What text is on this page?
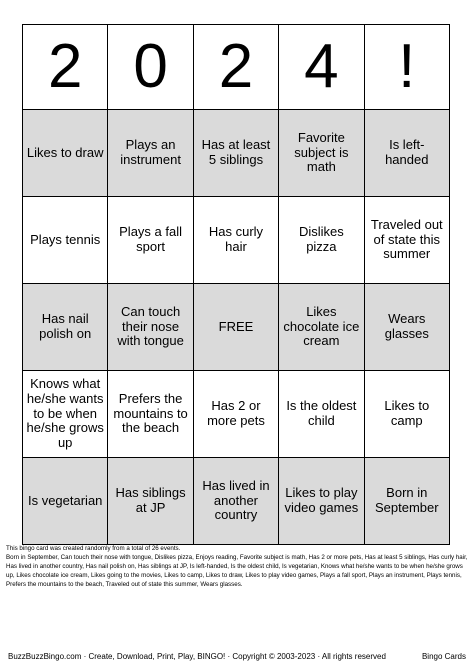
2	0	2	4	!
Likes to draw	Plays an instrument	Has at least 5 siblings	Favorite subject is math	Is left-handed
Plays tennis	Plays a fall sport	Has curly hair	Dislikes pizza	Traveled out of state this summer
Has nail polish on	Can touch their nose with tongue	FREE	Likes chocolate ice cream	Wears glasses
Knows what he/she wants to be when he/she grows up	Prefers the mountains to the beach	Has 2 or more pets	Is the oldest child	Likes to camp
Is vegetarian	Has siblings at JP	Has lived in another country	Likes to play video games	Born in September
This bingo card was created randomly from a total of 26 events.
Born in September, Can touch their nose with tongue, Dislikes pizza, Enjoys reading, Favorite subject is math, Has 2 or more pets, Has at least 5 siblings, Has curly hair, Has lived in another country, Has nail polish on, Has siblings at JP, Is left-handed, Is the oldest child, Is vegetarian, Knows what he/she wants to be when he/she grows up, Likes chocolate ice cream, Likes going to the movies, Likes to camp, Likes to draw, Likes to play video games, Plays a fall sport, Plays an instrument, Plays tennis, Prefers the mountains to the beach, Traveled out of state this summer, Wears glasses.
BuzzBuzzBingo.com · Create, Download, Print, Play, BINGO! · Copyright © 2003-2023 · All rights reserved	Bingo Cards
